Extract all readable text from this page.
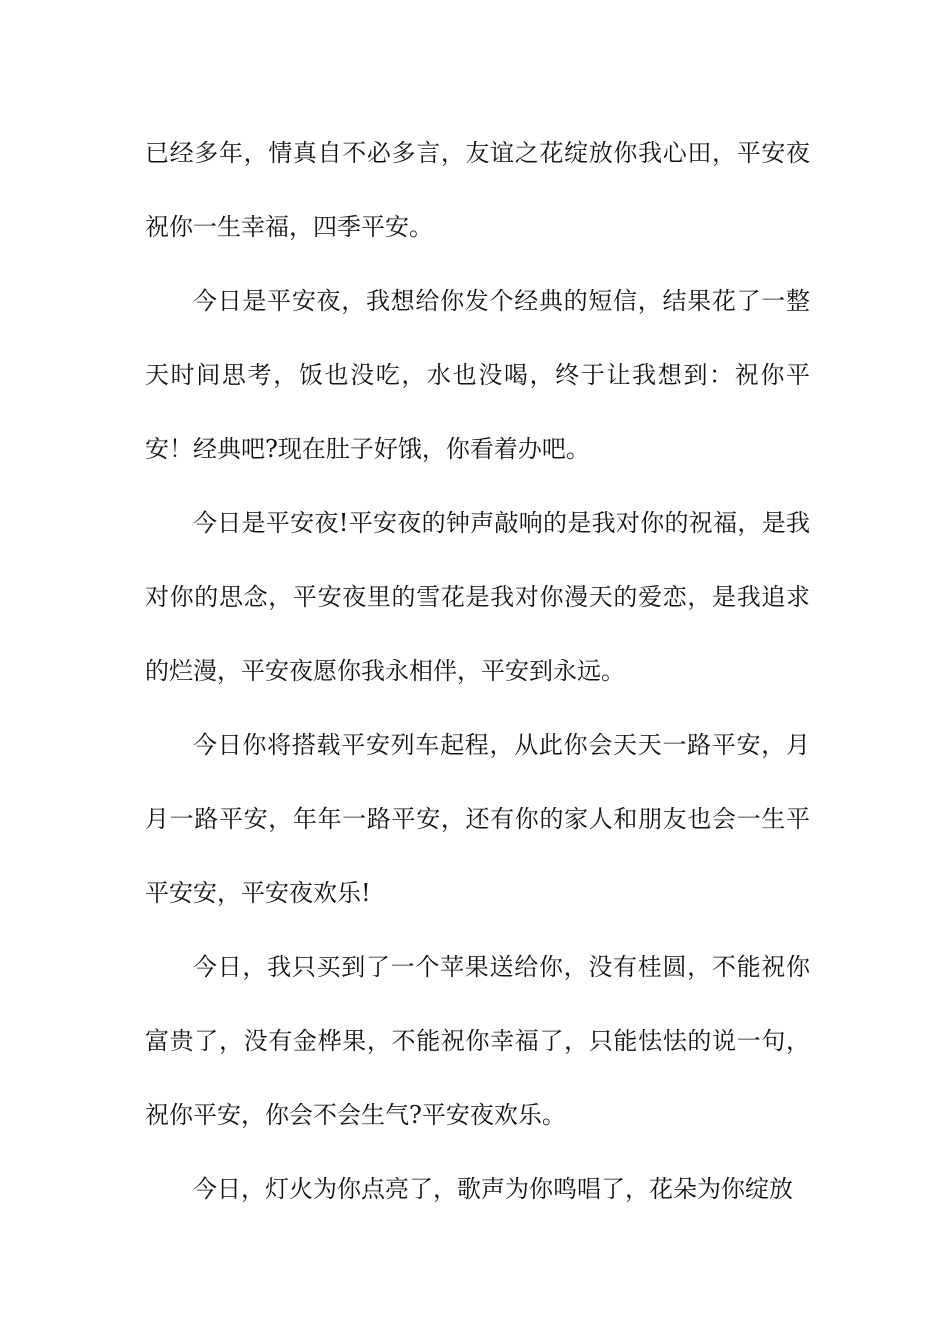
已经多年，情真自不必多言，友谊之花绽放你我心田，平安夜祝你一生幸福，四季平安。

今日是平安夜，我想给你发个经典的短信，结果花了一整天时间思考，饭也没吃，水也没喝，终于让我想到：祝你平安！经典吧?现在肚子好饿，你看着办吧。

今日是平安夜!平安夜的钟声敲响的是我对你的祝福，是我对你的思念，平安夜里的雪花是我对你漫天的爱恋，是我追求的烂漫，平安夜愿你我永相伴，平安到永远。

今日你将搭载平安列车起程，从此你会天天一路平安，月月一路平安，年年一路平安，还有你的家人和朋友也会一生平平安安，平安夜欢乐!

今日，我只买到了一个苹果送给你，没有桂圆，不能祝你富贵了，没有金桦果，不能祝你幸福了，只能怯怯的说一句，祝你平安，你会不会生气?平安夜欢乐。

今日，灯火为你点亮了，歌声为你鸣唱了，花朵为你绽放
